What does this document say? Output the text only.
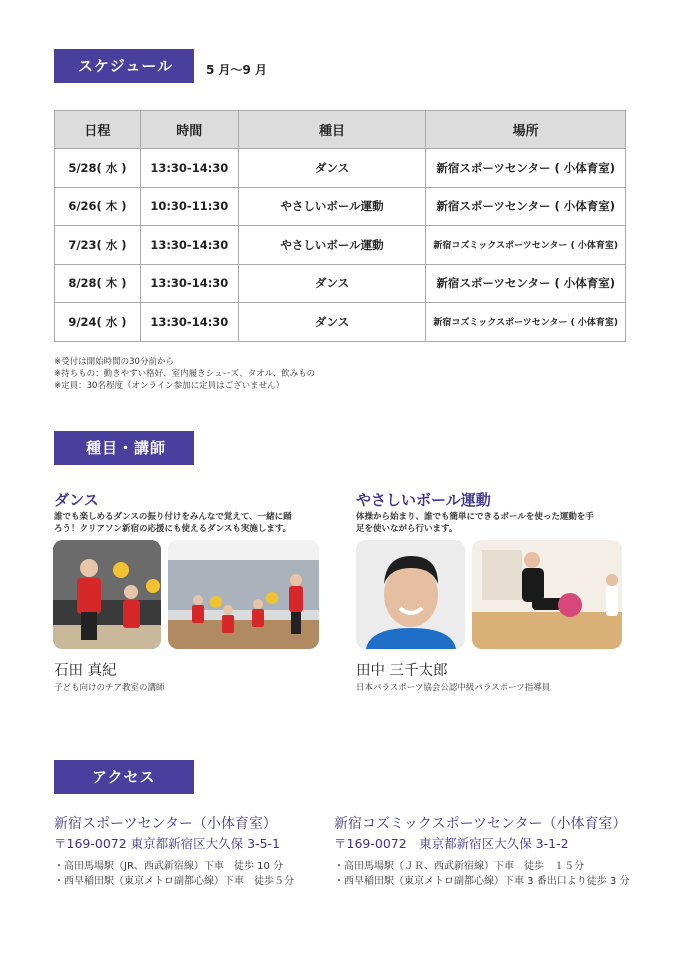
スケジュール	5 月〜9 月
日程	時間	種目	場所
5/28( 水 )	13:30-14:30	ダンス	新宿スポーツセンター ( 小体育室)
6/26( 木 )	10:30-11:30	やさしいボール運動	新宿スポーツセンター ( 小体育室)
7/23( 水 )	13:30-14:30	やさしいボール運動	新宿コズミックスポーツセンター ( 小体育室)
8/28( 木 )	13:30-14:30	ダンス	新宿スポーツセンター ( 小体育室)
9/24( 水 )	13:30-14:30	ダンス	新宿コズミックスポーツセンター ( 小体育室)
※受付は開始時間の30分前から
※持ちもの：動きやすい格好、室内履きシューズ、タオル、飲みもの
※定員：30名程度（オンライン参加に定員はございません）
種目・講師
ダンス
誰でも楽しめるダンスの振り付けをみんなで覚えて、一緒に踊
ろう！クリアソン新宿の応援にも使えるダンスも実施します。
石田 真紀
子ども向けのチア教室の講師
やさしいボール運動
体操から始まり、誰でも簡単にできるボールを使った運動を手
足を使いながら行います。
田中 三千太郎
日本パラスポーツ協会公認中級パラスポーツ指導員
アクセス
新宿スポーツセンター（小体育室）
〒169-0072 東京都新宿区大久保 3-5-1
・高田馬場駅（JR、西武新宿線）下車　徒歩 10 分
・西早稲田駅（東京メトロ副都心線）下車　徒歩５分
新宿コズミックスポーツセンター（小体育室）
〒169-0072　東京都新宿区大久保 3-1-2
・高田馬場駅（ＪＲ、西武新宿線）下車　徒歩　１５分
・西早稲田駅（東京メトロ副都心線）下車 3 番出口より徒歩 3 分
